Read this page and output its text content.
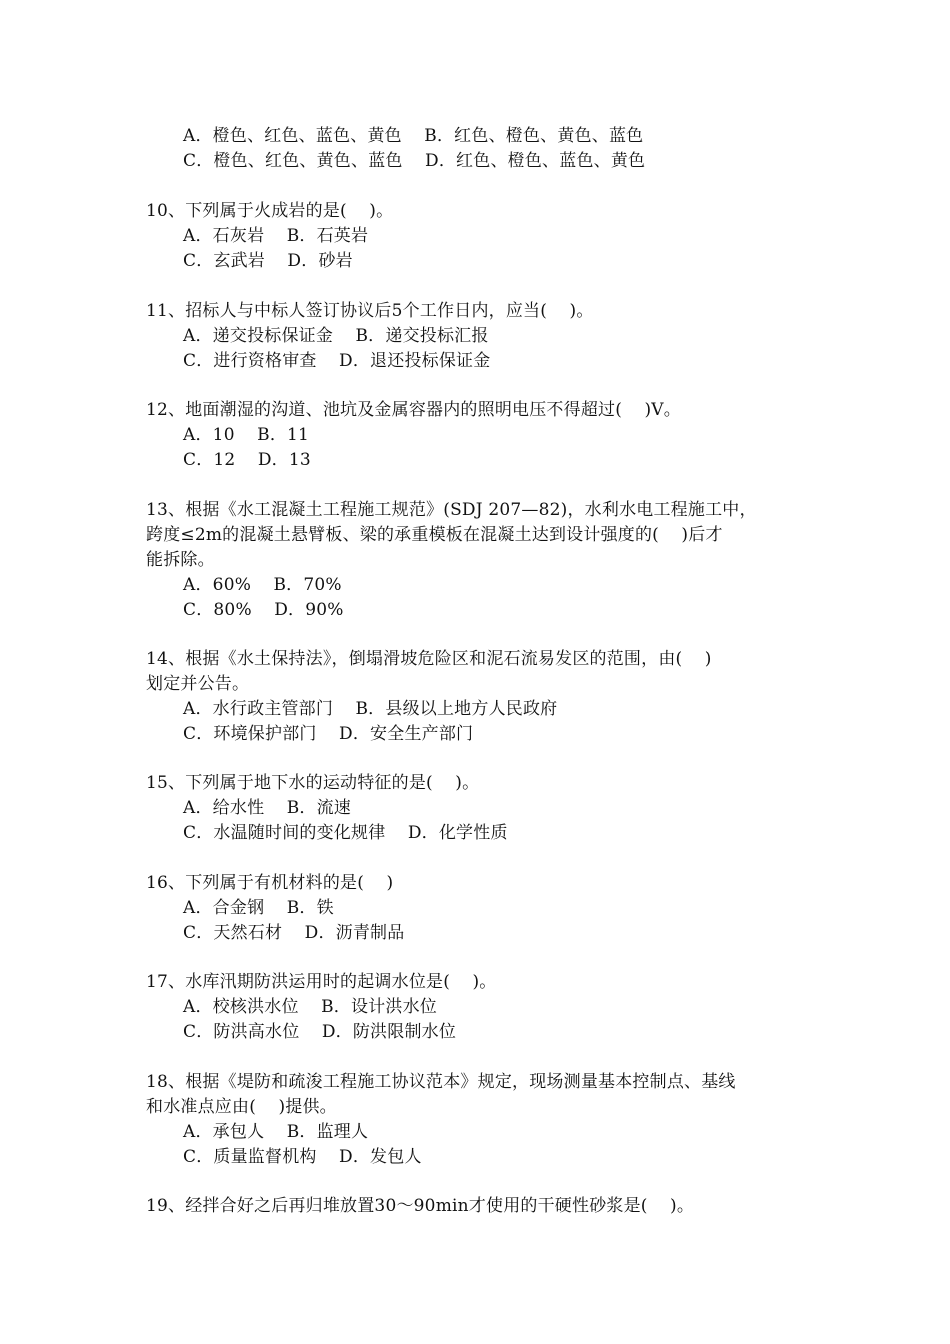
A．橙色、红色、蓝色、黄色    B．红色、橙色、黄色、蓝色
C．橙色、红色、黄色、蓝色    D．红色、橙色、蓝色、黄色
10、下列属于火成岩的是(    )。
A．石灰岩    B．石英岩
C．玄武岩    D．砂岩
11、招标人与中标人签订协议后5个工作日内，应当(    )。
A．递交投标保证金    B．递交投标汇报
C．进行资格审查    D．退还投标保证金
12、地面潮湿的沟道、池坑及金属容器内的照明电压不得超过(    )V。
A．10    B．11
C．12    D．13
13、根据《水工混凝土工程施工规范》(SDJ 207—82)，水利水电工程施工中，
跨度≤2m的混凝土悬臂板、梁的承重模板在混凝土达到设计强度的(    )后才
能拆除。
A．60%    B．70%
C．80%    D．90%
14、根据《水土保持法》，倒塌滑坡危险区和泥石流易发区的范围，由(    )
划定并公告。
A．水行政主管部门    B．县级以上地方人民政府
C．环境保护部门    D．安全生产部门
15、下列属于地下水的运动特征的是(    )。
A．给水性    B．流速
C．水温随时间的变化规律    D．化学性质
16、下列属于有机材料的是(    )
A．合金钢    B．铁
C．天然石材    D．沥青制品
17、水库汛期防洪运用时的起调水位是(    )。
A．校核洪水位    B．设计洪水位
C．防洪高水位    D．防洪限制水位
18、根据《堤防和疏浚工程施工协议范本》规定，现场测量基本控制点、基线
和水准点应由(    )提供。
A．承包人    B．监理人
C．质量监督机构    D．发包人
19、经拌合好之后再归堆放置30～90min才使用的干硬性砂浆是(    )。
